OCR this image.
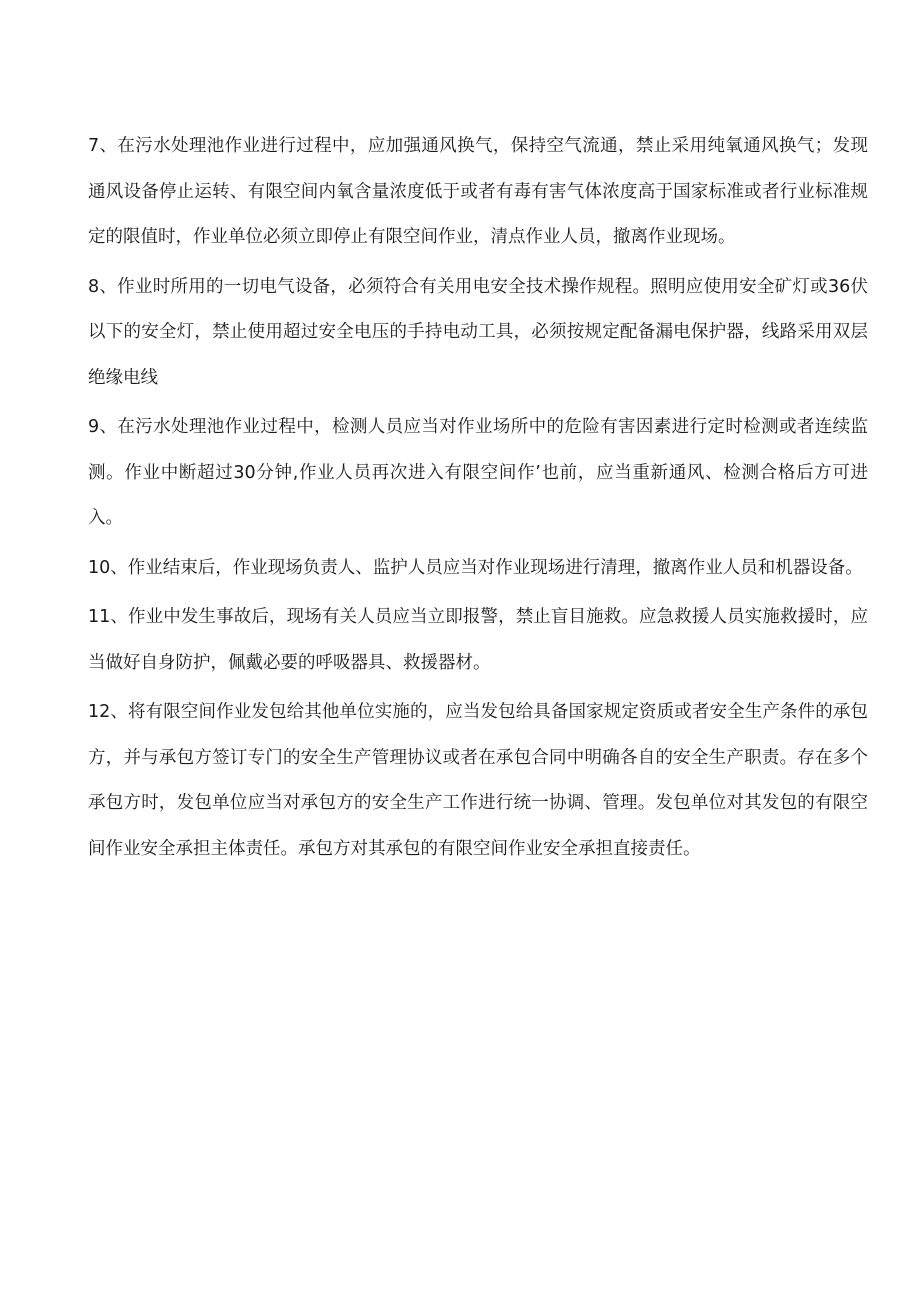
7、在污水处理池作业进行过程中，应加强通风换气，保持空气流通，禁止采用纯氧通风换气；发现通风设备停止运转、有限空间内氧含量浓度低于或者有毒有害气体浓度高于国家标准或者行业标准规定的限值时，作业单位必须立即停止有限空间作业，清点作业人员，撤离作业现场。

8、作业时所用的一切电气设备，必须符合有关用电安全技术操作规程。照明应使用安全矿灯或36伏以下的安全灯，禁止使用超过安全电压的手持电动工具，必须按规定配备漏电保护器，线路采用双层绝缘电线

9、在污水处理池作业过程中，检测人员应当对作业场所中的危险有害因素进行定时检测或者连续监测。作业中断超过30分钟,作业人员再次进入有限空间作’也前，应当重新通风、检测合格后方可进入。

10、作业结束后，作业现场负责人、监护人员应当对作业现场进行清理，撤离作业人员和机器设备。

11、作业中发生事故后，现场有关人员应当立即报警，禁止盲目施救。应急救援人员实施救援时，应当做好自身防护，佩戴必要的呼吸器具、救援器材。

12、将有限空间作业发包给其他单位实施的，应当发包给具备国家规定资质或者安全生产条件的承包方，并与承包方签订专门的安全生产管理协议或者在承包合同中明确各自的安全生产职责。存在多个承包方时，发包单位应当对承包方的安全生产工作进行统一协调、管理。发包单位对其发包的有限空间作业安全承担主体责任。承包方对其承包的有限空间作业安全承担直接责任。
